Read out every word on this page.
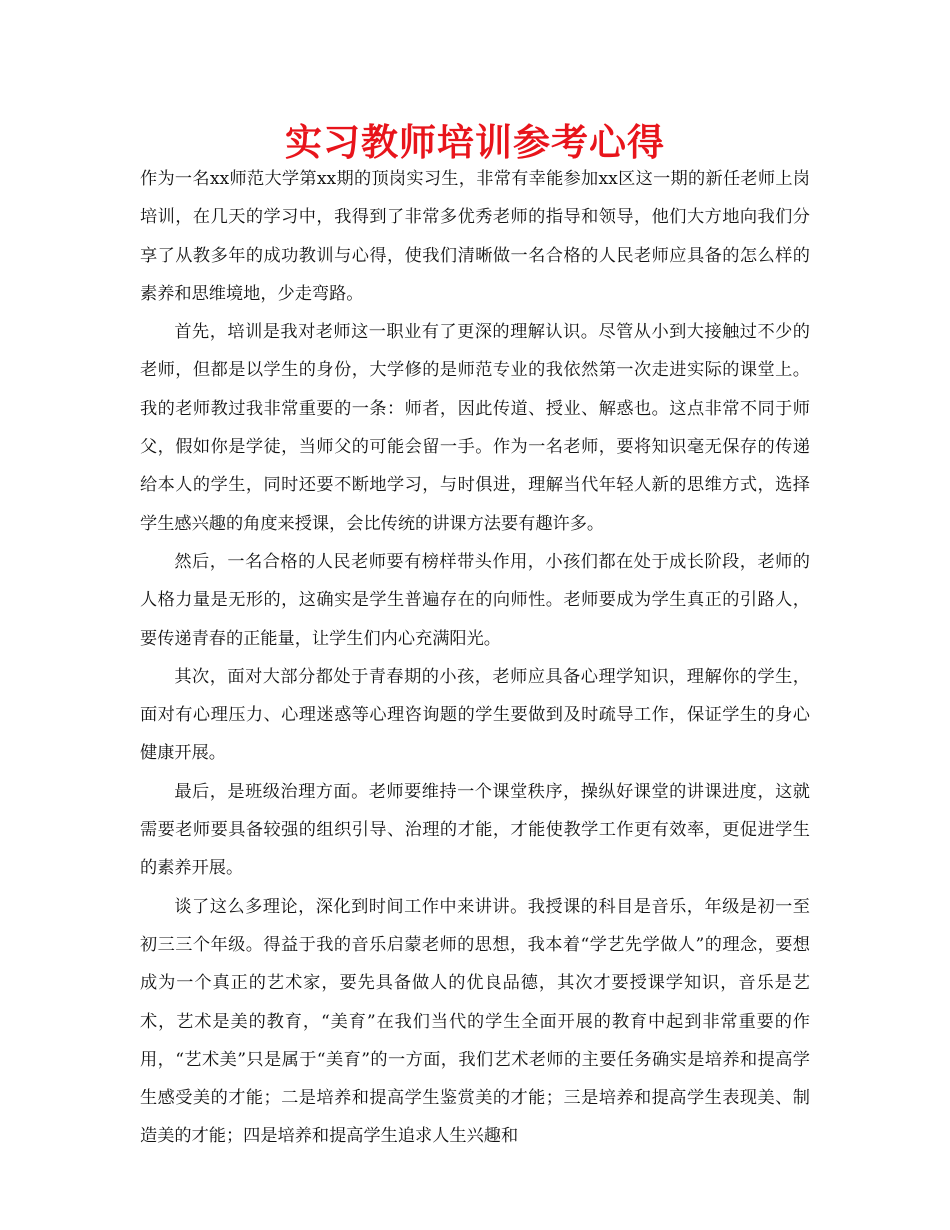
实习教师培训参考心得

作为一名xx师范大学第xx期的顶岗实习生，非常有幸能参加xx区这一期的新任老师上岗培训，在几天的学习中，我得到了非常多优秀老师的指导和领导，他们大方地向我们分享了从教多年的成功教训与心得，使我们清晰做一名合格的人民老师应具备的怎么样的素养和思维境地，少走弯路。

首先，培训是我对老师这一职业有了更深的理解认识。尽管从小到大接触过不少的老师，但都是以学生的身份，大学修的是师范专业的我依然第一次走进实际的课堂上。我的老师教过我非常重要的一条：师者，因此传道、授业、解惑也。这点非常不同于师父，假如你是学徒，当师父的可能会留一手。作为一名老师，要将知识毫无保存的传递给本人的学生，同时还要不断地学习，与时俱进，理解当代年轻人新的思维方式，选择学生感兴趣的角度来授课，会比传统的讲课方法要有趣许多。

然后，一名合格的人民老师要有榜样带头作用，小孩们都在处于成长阶段，老师的人格力量是无形的，这确实是学生普遍存在的向师性。老师要成为学生真正的引路人，要传递青春的正能量，让学生们内心充满阳光。

其次，面对大部分都处于青春期的小孩，老师应具备心理学知识，理解你的学生，面对有心理压力、心理迷惑等心理咨询题的学生要做到及时疏导工作，保证学生的身心健康开展。

最后，是班级治理方面。老师要维持一个课堂秩序，操纵好课堂的讲课进度，这就需要老师要具备较强的组织引导、治理的才能，才能使教学工作更有效率，更促进学生的素养开展。

谈了这么多理论，深化到时间工作中来讲讲。我授课的科目是音乐，年级是初一至初三三个年级。得益于我的音乐启蒙老师的思想，我本着“学艺先学做人”的理念，要想成为一个真正的艺术家，要先具备做人的优良品德，其次才要授课学知识，音乐是艺术，艺术是美的教育，“美育”在我们当代的学生全面开展的教育中起到非常重要的作用，“艺术美”只是属于“美育”的一方面，我们艺术老师的主要任务确实是培养和提高学生感受美的才能；二是培养和提高学生鉴赏美的才能；三是培养和提高学生表现美、制造美的才能；四是培养和提高学生追求人生兴趣和
